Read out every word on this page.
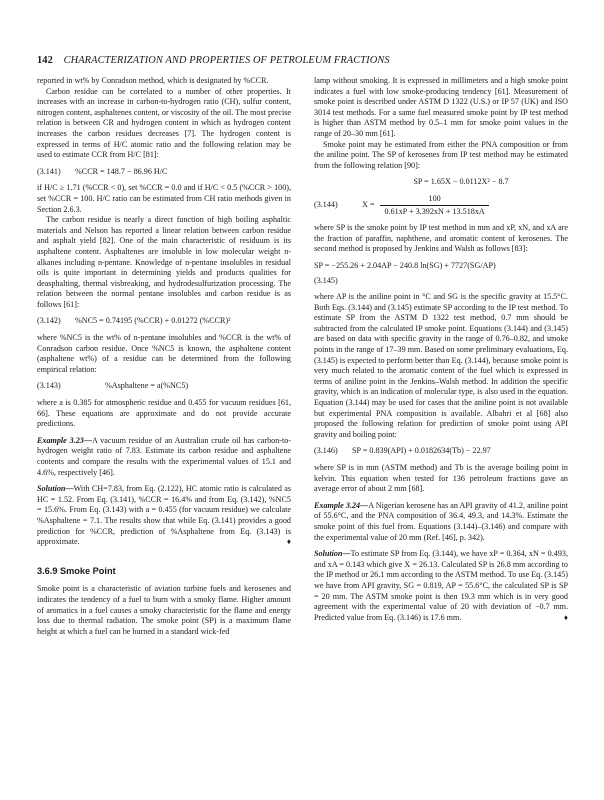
142 CHARACTERIZATION AND PROPERTIES OF PETROLEUM FRACTIONS

reported in wt% by Conradson method, which is designated by %CCR.

Carbon residue can be correlated to a number of other properties. It increases with an increase in carbon-to-hydrogen ratio (CH), sulfur content, nitrogen content, asphaltenes content, or viscosity of the oil. The most precise relation is between CR and hydrogen content in which as hydrogen content increases the carbon residues decreases [7]. The hydrogen content is expressed in terms of H/C atomic ratio and the following relation may be used to estimate CCR from H/C [81]:

(3.141)	%CCR = 148.7 − 86.96 H/C

if H/C ≥ 1.71 (%CCR < 0), set %CCR = 0.0 and if H/C < 0.5 (%CCR > 100), set %CCR = 100. H/C ratio can be estimated from CH ratio methods given in Section 2.6.3.

The carbon residue is nearly a direct function of high boiling asphaltic materials and Nelson has reported a linear relation between carbon residue and asphalt yield [82]. One of the main characteristic of residuum is its asphaltene content. Asphaltenes are insoluble in low molecular weight n-alkanes including n-pentane. Knowledge of n-pentane insolubles in residual oils is quite important in determining yields and products qualities for deasphalting, thermal visbreaking, and hydrodesulfurization processing. The relation between the normal pentane insolubles and carbon residue is as follows [61]:

(3.142)	%NC5 = 0.74195 (%CCR) + 0.01272 (%CCR)²

where %NC5 is the wt% of n-pentane insolubles and %CCR is the wt% of Conradson carbon residue. Once %NC5 is known, the asphaltene content (asphaltene wt%) of a residue can be determined from the following empirical relation:

(3.143)	%Asphaltene = a(%NC5)

where a is 0.385 for atmospheric residue and 0.455 for vacuum residues [61, 66]. These equations are approximate and do not provide accurate predictions.

Example 3.23—A vacuum residue of an Australian crude oil has carbon-to-hydrogen weight ratio of 7.83. Estimate its carbon residue and asphaltene contents and compare the results with the experimental values of 15.1 and 4.6%, respectively [46].

Solution—With CH=7.83, from Eq. (2.122), HC atomic ratio is calculated as HC = 1.52. From Eq. (3.141), %CCR = 16.4% and from Eq. (3.142), %NC5 = 15.6%. From Eq. (3.143) with a = 0.455 (for vacuum residue) we calculate %Asphaltene = 7.1. The results show that while Eq. (3.141) provides a good prediction for %CCR, prediction of %Asphaltene from Eq. (3.143) is approximate.	♦

3.6.9 Smoke Point

Smoke point is a characteristic of aviation turbine fuels and kerosenes and indicates the tendency of a fuel to burn with a smoky flame. Higher amount of aromatics in a fuel causes a smoky characteristic for the flame and energy loss due to thermal radiation. The smoke point (SP) is a maximum flame height at which a fuel can be burned in a standard wick-fed

lamp without smoking. It is expressed in millimeters and a high smoke point indicates a fuel with low smoke-producing tendency [61]. Measurement of smoke point is described under ASTM D 1322 (U.S.) or IP 57 (UK) and ISO 3014 test methods. For a same fuel measured smoke point by IP test method is higher than ASTM method by 0.5–1 mm for smoke point values in the range of 20–30 mm [61].

Smoke point may be estimated from either the PNA composition or from the aniline point. The SP of kerosenes from IP test method may be estimated from the following relation [90]:

SP = 1.65X − 0.0112X² − 8.7
(3.144)	$X = \frac{100}{0.61xP + 3.392xN + 13.518xA}$

where SP is the smoke point by IP test method in mm and xP, xN, and xA are the fraction of paraffin, naphthene, and aromatic content of kerosenes. The second method is proposed by Jenkins and Walsh as follows [83]:

SP = −255.26 + 2.04AP − 240.8 ln(SG) + 7727(SG/AP)
(3.145)

where AP is the aniline point in °C and SG is the specific gravity at 15.5°C. Both Eqs. (3.144) and (3.145) estimate SP according to the IP test method. To estimate SP from the ASTM D 1322 test method, 0.7 mm should be subtracted from the calculated IP smoke point. Equations (3.144) and (3.145) are based on data with specific gravity in the range of 0.76–0.82, and smoke points in the range of 17–39 mm. Based on some preliminary evaluations, Eq. (3.145) is expected to perform better than Eq. (3.144), because smoke point is very much related to the aromatic content of the fuel which is expressed in terms of aniline point in the Jenkins–Walsh method. In addition the specific gravity, which is an indication of molecular type, is also used in the equation. Equation (3.144) may be used for cases that the aniline point is not available but experimental PNA composition is available. Albahri et al [68] also proposed the following relation for prediction of smoke point using API gravity and boiling point:

(3.146)	SP = 0.839(API) + 0.0182634(Tb) − 22.97

where SP is in mm (ASTM method) and Tb is the average boiling point in kelvin. This equation when tested for 136 petroleum fractions gave an average error of about 2 mm [68].

Example 3.24—A Nigerian kerosene has an API gravity of 41.2, aniline point of 55.6°C, and the PNA composition of 36.4, 49.3, and 14.3%. Estimate the smoke point of this fuel from. Equations (3.144)–(3.146) and compare with the experimental value of 20 mm (Ref. [46], p. 342).

Solution—To estimate SP from Eq. (3.144), we have xP = 0.364, xN = 0.493, and xA = 0.143 which give X = 26.13. Calculated SP is 26.8 mm according to the IP method or 26.1 mm according to the ASTM method. To use Eq. (3.145) we have from API gravity, SG = 0.819, AP = 55.6°C, the calculated SP is SP = 20 mm. The ASTM smoke point is then 19.3 mm which is in very good agreement with the experimental value of 20 with deviation of −0.7 mm. Predicted value from Eq. (3.146) is 17.6 mm.	♦
